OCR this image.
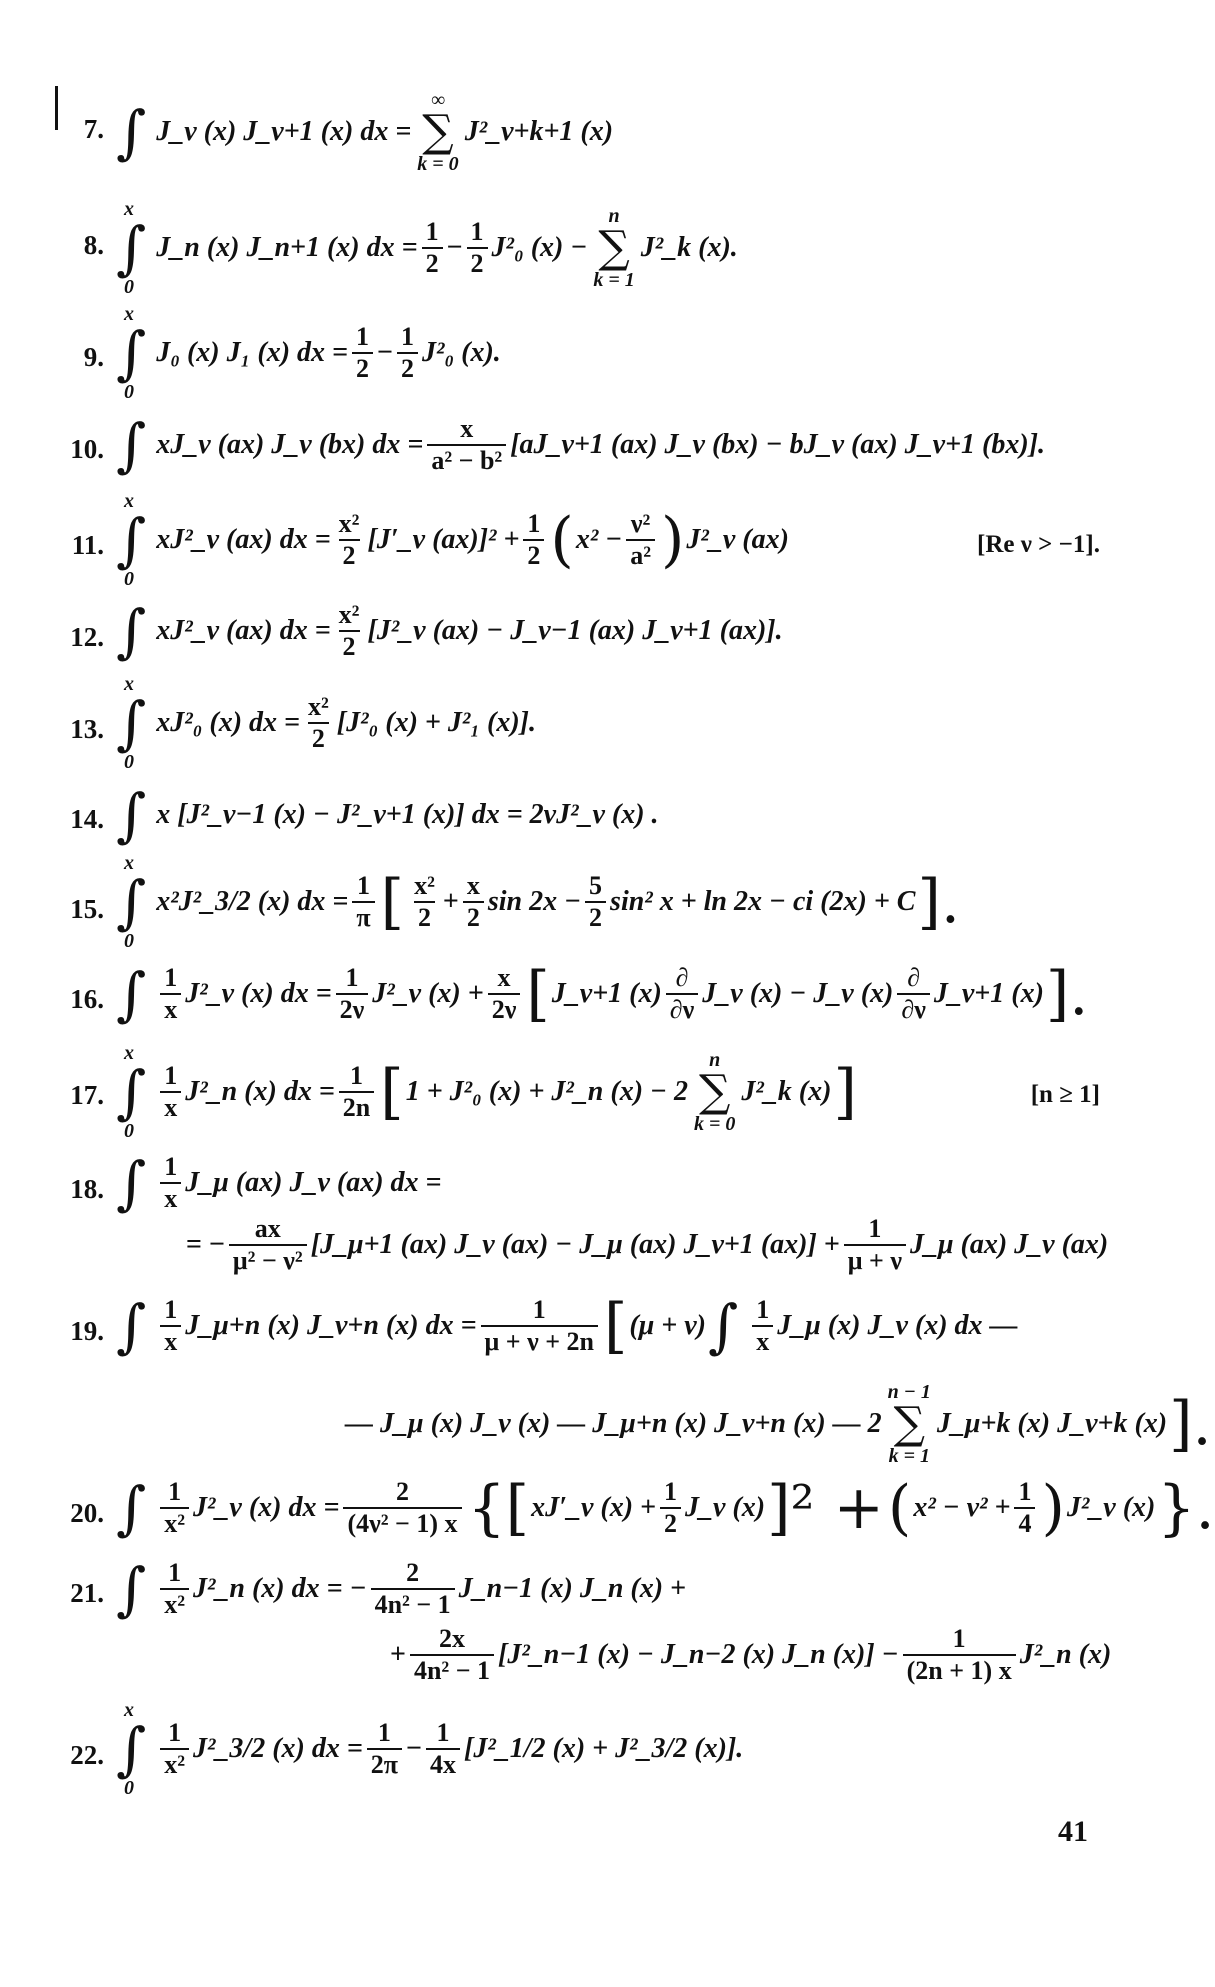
7. ∫ J_ν (x) J_ν+1 (x) dx =
∞
∑
k = 0
J²_ν+k+1 (x)
8. ∫
x
0
J_n (x) J_n+1 (x) dx = $\frac{1}{2} - \frac{1}{2} J^2_0$ (x) −
n
∑
k = 1
J²_k (x).
9. ∫
x
0
J₀ (x) J₁ (x) dx = $\frac{1}{2} - \frac{1}{2} J^2_0$ (x).
10. ∫ xJ_ν (ax) J_ν (bx) dx = $\frac{x}{\text{a² − b²}}$ [aJ_ν+1 (ax) J_ν (bx) − bJ_ν (ax) J_ν+1 (bx)].
11. ∫
x
0
xJ²_ν (ax) dx = $\frac{\text{x²}}{2}$ [J′_ν $(ax)]^2 + \frac{1}{2}$ ( $x^2 - \frac{\text{ν²}}{\text{a²}}$ ) J²_ν (ax)	[Re ν > −1].
12. ∫ xJ²_ν (ax) dx = $\frac{\text{x²}}{2}$ [J²_ν (ax) − J_ν−1 (ax) J_ν+1 (ax)].
13. ∫
x
0
xJ²₀ (x) dx = $\frac{\text{x²}}{2} [J^2_0$ (x) + J²₁ (x)].
14. ∫ x [J²_ν−1 (x) − J²_ν+1 (x)] dx = 2νJ²_ν (x) .
15. ∫
x
0
x²J²_3/2 (x) dx = $\frac{1}{\pi}$ [ $\frac{\text{x²}}{2} + \frac{x}{2}$ $\sin 2x - \frac{5}{2} \sin^2$ x + ln 2x − ci (2x) + C ].
16. ∫ $\frac{1}{x}$ J²_ν (x) dx = $\frac{1}{2\nu}$ J²_ν $(x) + \frac{x}{2\nu}$ [ J_ν+1 $(x) \frac{\partial}{\partial\nu}$ J_ν (x) − J_ν $(x) \frac{\partial}{\partial\nu}$ J_ν+1 (x) ].
17. ∫
x
0
$\frac{1}{x}$ J²_n (x) dx = $\frac{1}{2n}$ [ 1 + J²₀ (x) + J²_n (x) − 2
n
∑
k = 0
J²_k (x) ]	[n ≥ 1]
18. ∫ $\frac{1}{x}$ J_μ (ax) J_ν (ax) dx =
= − $\frac{ax}{\text{μ² − ν²}}$ [J_μ+1 (ax) J_ν (ax) − J_μ (ax) J_ν+1 $(ax)] + \frac{1}{\mu + \nu}$ J_μ (ax) J_ν (ax)
19. ∫ $\frac{1}{x}$ J_μ+n (x) J_ν+n (x) dx = $\frac{1}{\mu + \nu + 2n}$ [ (μ + ν) ∫ $\frac{1}{x}$ J_μ (x) J_ν (x) dx —
— J_μ (x) J_ν (x) — J_μ+n (x) J_ν+n (x) — 2
n − 1
∑
k = 1
J_μ+k (x) J_ν+k (x) ].
20. ∫ $\frac{1}{\text{x²}}$ J²_ν (x) dx = $\frac{2}{\text{(4ν² − 1) x}}$ {[ xJ′_ν $(x) + \frac{1}{2}$ J_ν (x) ]² + ( $x^2 - \nu^2 + \frac{1}{4}$ ) J²_ν (x) }.
21. ∫ $\frac{1}{\text{x²}}$ J²_n (x) dx = − $\frac{2}{\text{4n² − 1}}$ J_n−1 (x) J_n (x) +
+ $\frac{2x}{\text{4n² − 1}}$ [J²_n−1 (x) − J_n−2 (x) J_n $(x)] - \frac{1}{(2n + 1) x}$ J²_n (x)
22. ∫
x
0
$\frac{1}{\text{x²}}$ J²_3/2 (x) dx = $\frac{1}{2\pi} - \frac{1}{4x}$ [J²_1/2 (x) + J²_3/2 (x)].
41
